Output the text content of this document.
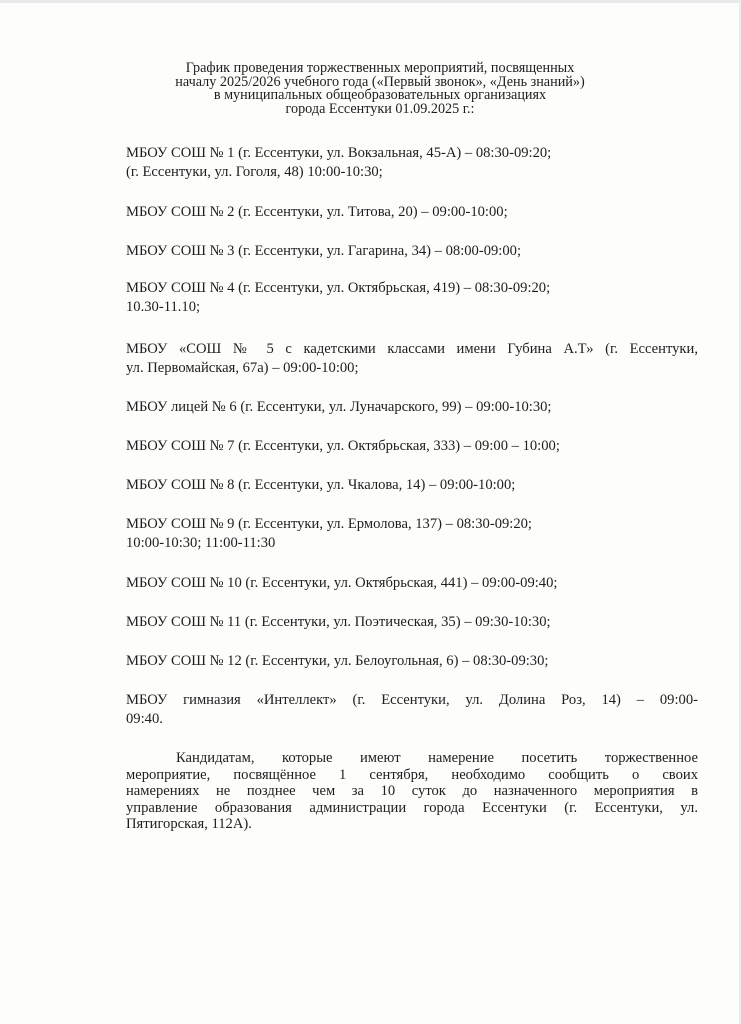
График проведения торжественных мероприятий, посвященных
началу 2025/2026 учебного года («Первый звонок», «День знаний»)
в муниципальных общеобразовательных организациях
города Ессентуки 01.09.2025 г.:
МБОУ СОШ № 1 (г. Ессентуки, ул. Вокзальная, 45-А) – 08:30-09:20;
(г. Ессентуки, ул. Гоголя, 48) 10:00-10:30;
МБОУ СОШ № 2 (г. Ессентуки, ул. Титова, 20) – 09:00-10:00;
МБОУ СОШ № 3 (г. Ессентуки, ул. Гагарина, 34) – 08:00-09:00;
МБОУ СОШ № 4 (г. Ессентуки, ул. Октябрьская, 419) – 08:30-09:20;
10.30-11.10;
МБОУ «СОШ № 5 с кадетскими классами имени Губина А.Т» (г. Ессентуки,
ул. Первомайская, 67а) – 09:00-10:00;
МБОУ лицей № 6 (г. Ессентуки, ул. Луначарского, 99) – 09:00-10:30;
МБОУ СОШ № 7 (г. Ессентуки, ул. Октябрьская, 333) – 09:00 – 10:00;
МБОУ СОШ № 8 (г. Ессентуки, ул. Чкалова, 14) – 09:00-10:00;
МБОУ СОШ № 9 (г. Ессентуки, ул. Ермолова, 137) – 08:30-09:20;
10:00-10:30; 11:00-11:30
МБОУ СОШ № 10 (г. Ессентуки, ул. Октябрьская, 441) – 09:00-09:40;
МБОУ СОШ № 11 (г. Ессентуки, ул. Поэтическая, 35) – 09:30-10:30;
МБОУ СОШ № 12 (г. Ессентуки, ул. Белоугольная, 6) – 08:30-09:30;
МБОУ гимназия «Интеллект» (г. Ессентуки, ул. Долина Роз, 14) – 09:00-
09:40.
Кандидатам, которые имеют намерение посетить торжественное
мероприятие, посвящённое 1 сентября, необходимо сообщить о своих
намерениях не позднее чем за 10 суток до назначенного мероприятия в
управление образования администрации города Ессентуки (г. Ессентуки, ул.
Пятигорская, 112А).
